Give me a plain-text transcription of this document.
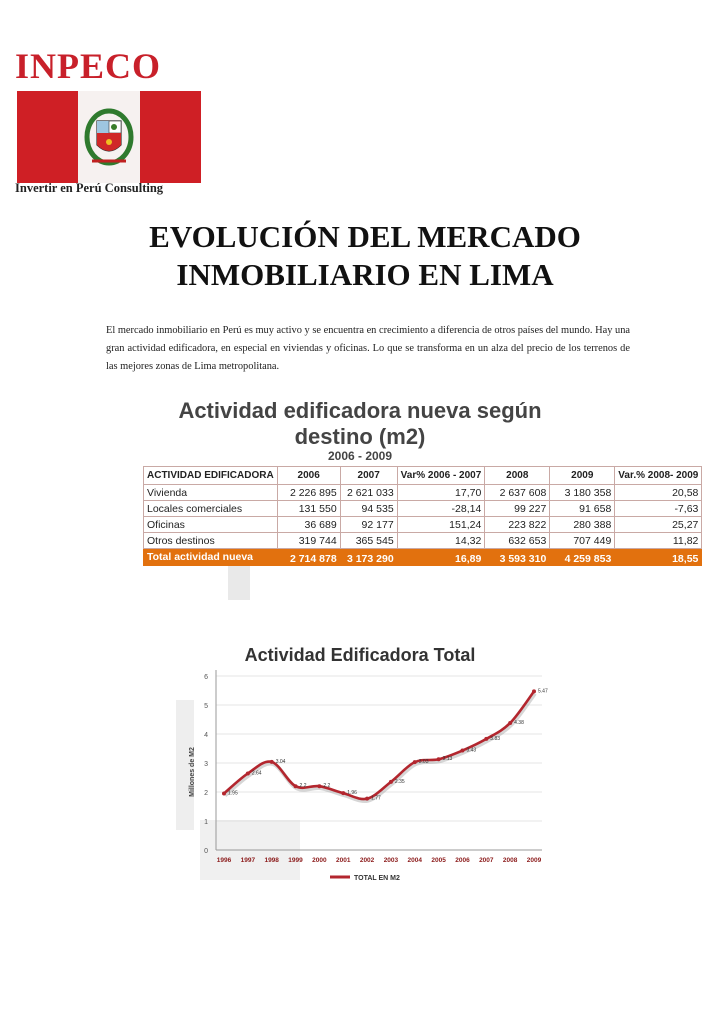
INPECO
Invertir en Perú Consulting
EVOLUCIÓN DEL MERCADO INMOBILIARIO EN LIMA

El mercado inmobiliario en Perú es muy activo y se encuentra en crecimiento a diferencia de otros países del mundo. Hay una gran actividad edificadora, en especial en viviendas y oficinas. Lo que se transforma en un alza del precio de los terrenos de las mejores zonas de Lima metropolitana.

Actividad edificadora nueva según destino (m2)
2006 - 2009
ACTIVIDAD EDIFICADORA	2006	2007	Var% 2006 - 2007	2008	2009	Var.% 2008- 2009
Vivienda	2 226 895	2 621 033	17,70	2 637 608	3 180 358	20,58
Locales comerciales	131 550	94 535	-28,14	99 227	91 658	-7,63
Oficinas	36 689	92 177	151,24	223 822	280 388	25,27
Otros destinos	319 744	365 545	14,32	632 653	707 449	11,82
Total actividad nueva	2 714 878	3 173 290	16,89	3 593 310	4 259 853	18,55
Actividad Edificadora Total
Millones de M2
0
1
2
3
4
5
6
1996 1997 1998 1999 2000 2001 2002 2003 2004 2005 2006 2007 2008 2009
1.95
2.64
3.04
2.2	2.2
1.96
1.77
2.35
3.03	3.13
3.43
3.83
4.38
5.47
TOTAL EN M2
